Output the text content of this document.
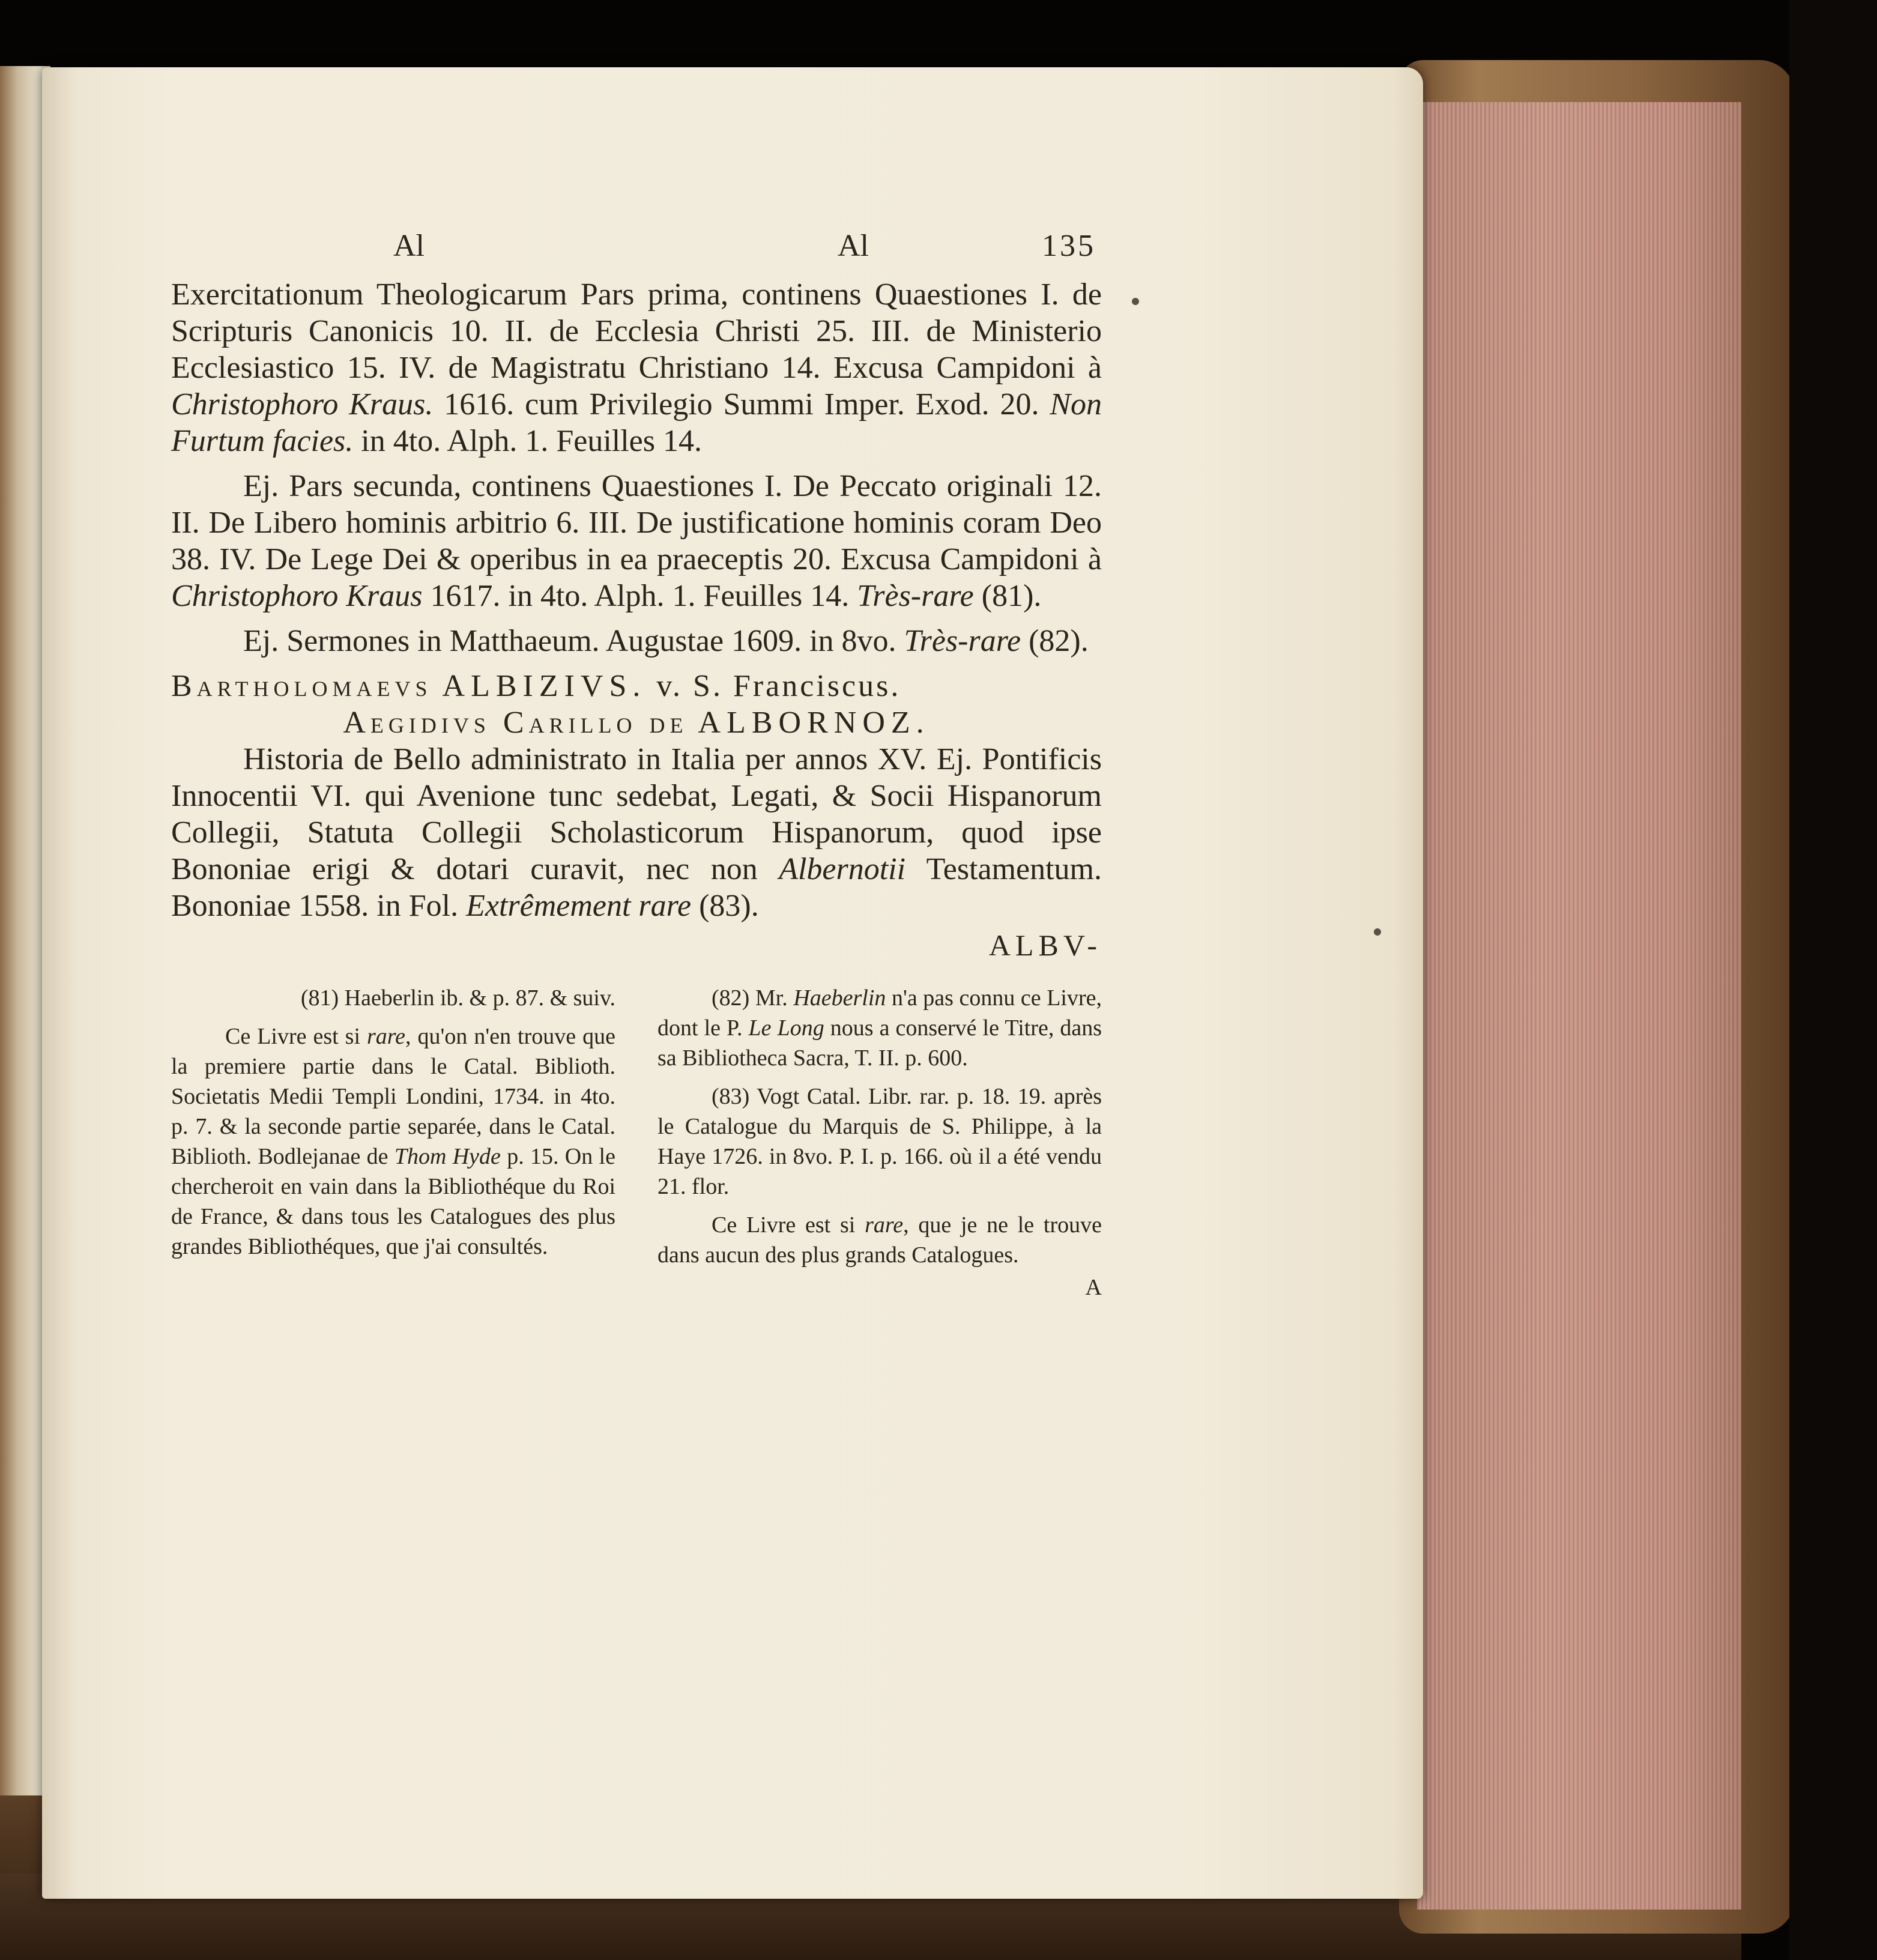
Al	Al	135

Exercitationum Theologicarum Pars prima, continens Quaestiones I. de Scripturis Canonicis 10. II. de Ecclesia Christi 25. III. de Ministerio Ecclesiastico 15. IV. de Magistratu Christiano 14. Excusa Campidoni à Christophoro Kraus. 1616. cum Privilegio Summi Imper. Exod. 20. Non Furtum facies. in 4to. Alph. 1. Feuilles 14.

Ej. Pars secunda, continens Quaestiones I. De Peccato originali 12. II. De Libero hominis arbitrio 6. III. De justificatione hominis coram Deo 38. IV. De Lege Dei & operibus in ea praeceptis 20. Excusa Campidoni à Christophoro Kraus 1617. in 4to. Alph. 1. Feuilles 14. Très-rare (81).

Ej. Sermones in Matthaeum. Augustae 1609. in 8vo. Très-rare (82).

Bartholomaevs ALBIZIVS. v. S. Franciscus.

Aegidivs Carillo de ALBORNOZ.

Historia de Bello administrato in Italia per annos XV. Ej. Pontificis Innocentii VI. qui Avenione tunc sedebat, Legati, & Socii Hispanorum Collegii, Statuta Collegii Scholasticorum Hispanorum, quod ipse Bononiae erigi & dotari curavit, nec non Albernotii Testamentum. Bononiae 1558. in Fol. Extrêmement rare (83).

ALBV-

(81) Haeberlin ib. & p. 87. & suiv.

Ce Livre est si rare, qu'on n'en trouve que la premiere partie dans le Catal. Biblioth. Societatis Medii Templi Londini, 1734. in 4to. p. 7. & la seconde partie separée, dans le Catal. Biblioth. Bodlejanae de Thom Hyde p. 15. On le chercheroit en vain dans la Bibliothéque du Roi de France, & dans tous les Catalogues des plus grandes Bibliothéques, que j'ai consultés.

(82) Mr. Haeberlin n'a pas connu ce Livre, dont le P. Le Long nous a conservé le Titre, dans sa Bibliotheca Sacra, T. II. p. 600.

(83) Vogt Catal. Libr. rar. p. 18. 19. après le Catalogue du Marquis de S. Philippe, à la Haye 1726. in 8vo. P. I. p. 166. où il a été vendu 21. flor.

Ce Livre est si rare, que je ne le trouve dans aucun des plus grands Catalogues.

A
